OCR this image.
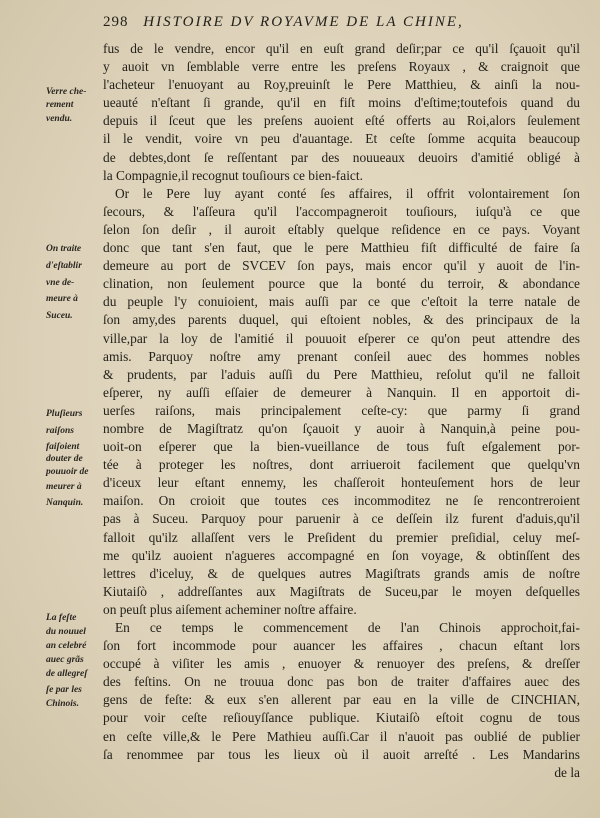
298 HISTOIRE DV ROYAVME DE LA CHINE,
Verre che-
rement
vendu.
On traite
d'eſtablir
vne de-
meure à
Suceu.
Pluſieurs
raiſons
faiſoient
douter de
pouuoir de
meurer à
Nanquin.
La feſte
du nouuel
an celebré
auec grãs
de allegreſ
ſe par les
Chinois.
fus de le vendre, encor qu'il en euſt grand deſir;par ce qu'il ſçauoit qu'il
y auoit vn ſemblable verre entre les preſens Royaux , & craignoit que
l'acheteur l'enuoyant au Roy,preuinſt le Pere Matthieu, & ainſi la nou-
ueauté n'eſtant ſi grande, qu'il en fiſt moins d'eſtime;toutefois quand du
depuis il ſceut que les preſens auoient eſté offerts au Roi,alors ſeulement
il le vendit, voire vn peu d'auantage. Et ceſte ſomme acquita beaucoup
de debtes,dont ſe reſſentant par des nouueaux deuoirs d'amitié obligé à
la Compagnie,il recognut touſiours ce bien-faict.
Or le Pere luy ayant conté ſes affaires, il offrit volontairement ſon
ſecours, & l'aſſeura qu'il l'accompagneroit touſiours, iuſqu'à ce que
ſelon ſon deſir , il auroit eſtably quelque reſidence en ce pays. Voyant
donc que tant s'en faut, que le pere Matthieu fiſt difficulté de faire ſa
demeure au port de SVCEV ſon pays, mais encor qu'il y auoit de l'in-
clination, non ſeulement pource que la bonté du terroir, & abondance
du peuple l'y conuioient, mais auſſi par ce que c'eſtoit la terre natale de
ſon amy,des parents duquel, qui eſtoient nobles, & des principaux de la
ville,par la loy de l'amitié il pouuoit eſperer ce qu'on peut attendre des
amis. Parquoy noſtre amy prenant conſeil auec des hommes nobles
& prudents, par l'aduis auſſi du Pere Matthieu, reſolut qu'il ne falloit
eſperer, ny auſſi eſſaier de demeurer à Nanquin. Il en apportoit di-
uerſes raiſons, mais principalement ceſte-cy: que parmy ſi grand
nombre de Magiſtratz qu'on ſçauoit y auoir à Nanquin,à peine pou-
uoit-on eſperer que la bien-vueillance de tous fuſt eſgalement por-
tée à proteger les noſtres, dont arriueroit facilement que quelqu'vn
d'iceux leur eſtant ennemy, les chaſſeroit honteuſement hors de leur
maiſon. On croioit que toutes ces incommoditez ne ſe rencontreroient
pas à Suceu. Parquoy pour paruenir à ce deſſein ilz furent d'aduis,qu'il
falloit qu'ilz allaſſent vers le Preſident du premier preſidial, celuy meſ-
me qu'ilz auoient n'agueres accompagné en ſon voyage, & obtinſſent des
lettres d'iceluy, & de quelques autres Magiſtrats grands amis de noſtre
Kiutaiſò , addreſſantes aux Magiſtrats de Suceu,par le moyen deſquelles
on peuſt plus aiſement acheminer noſtre affaire.
En ce temps le commencement de l'an Chinois approchoit,fai-
ſon fort incommode pour auancer les affaires , chacun eſtant lors
occupé à viſiter les amis , enuoyer & renuoyer des preſens, & dreſſer
des feſtins. On ne trouua donc pas bon de traiter d'affaires auec des
gens de feſte: & eux s'en allerent par eau en la ville de CINCHIAN,
pour voir ceſte reſiouyſſance publique. Kiutaiſò eſtoit cognu de tous
en ceſte ville,& le Pere Mathieu auſſi.Car il n'auoit pas oublié de publier
ſa renommee par tous les lieux où il auoit arreſté . Les Mandarins
de la
